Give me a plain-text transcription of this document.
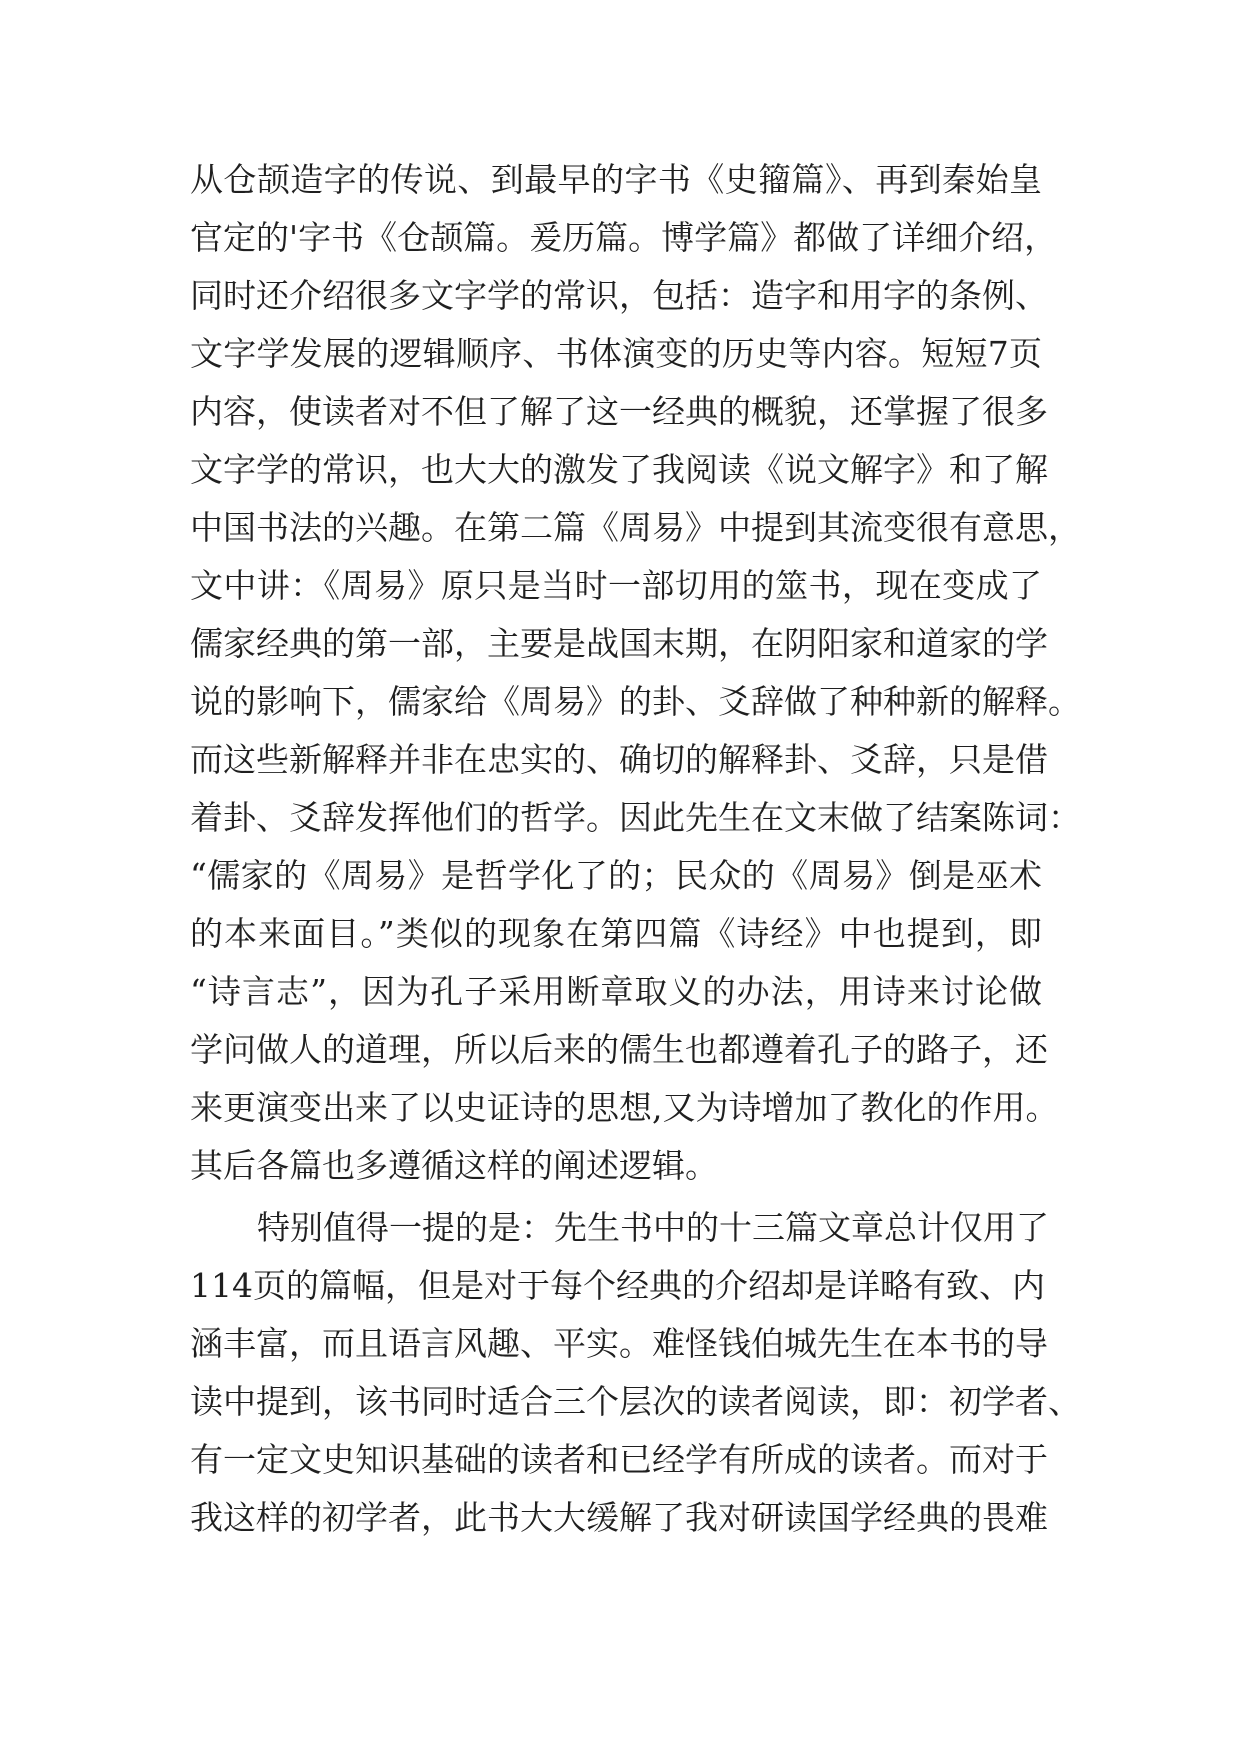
从仓颉造字的传说、到最早的字书《史籀篇》、再到秦始皇
官定的'字书《仓颉篇。爰历篇。博学篇》都做了详细介绍，
同时还介绍很多文字学的常识，包括：造字和用字的条例、
文字学发展的逻辑顺序、书体演变的历史等内容。短短7页
内容，使读者对不但了解了这一经典的概貌，还掌握了很多
文字学的常识，也大大的激发了我阅读《说文解字》和了解
中国书法的兴趣。在第二篇《周易》中提到其流变很有意思，
文中讲：《周易》原只是当时一部切用的筮书，现在变成了
儒家经典的第一部，主要是战国末期，在阴阳家和道家的学
说的影响下，儒家给《周易》的卦、爻辞做了种种新的解释。
而这些新解释并非在忠实的、确切的解释卦、爻辞，只是借
着卦、爻辞发挥他们的哲学。因此先生在文末做了结案陈词：
“儒家的《周易》是哲学化了的；民众的《周易》倒是巫术
的本来面目。”类似的现象在第四篇《诗经》中也提到，即
“诗言志”，因为孔子采用断章取义的办法，用诗来讨论做
学问做人的道理，所以后来的儒生也都遵着孔子的路子，还
来更演变出来了以史证诗的思想,又为诗增加了教化的作用。
其后各篇也多遵循这样的阐述逻辑。
特别值得一提的是：先生书中的十三篇文章总计仅用了
114页的篇幅，但是对于每个经典的介绍却是详略有致、内
涵丰富，而且语言风趣、平实。难怪钱伯城先生在本书的导
读中提到，该书同时适合三个层次的读者阅读，即：初学者、
有一定文史知识基础的读者和已经学有所成的读者。而对于
我这样的初学者，此书大大缓解了我对研读国学经典的畏难
